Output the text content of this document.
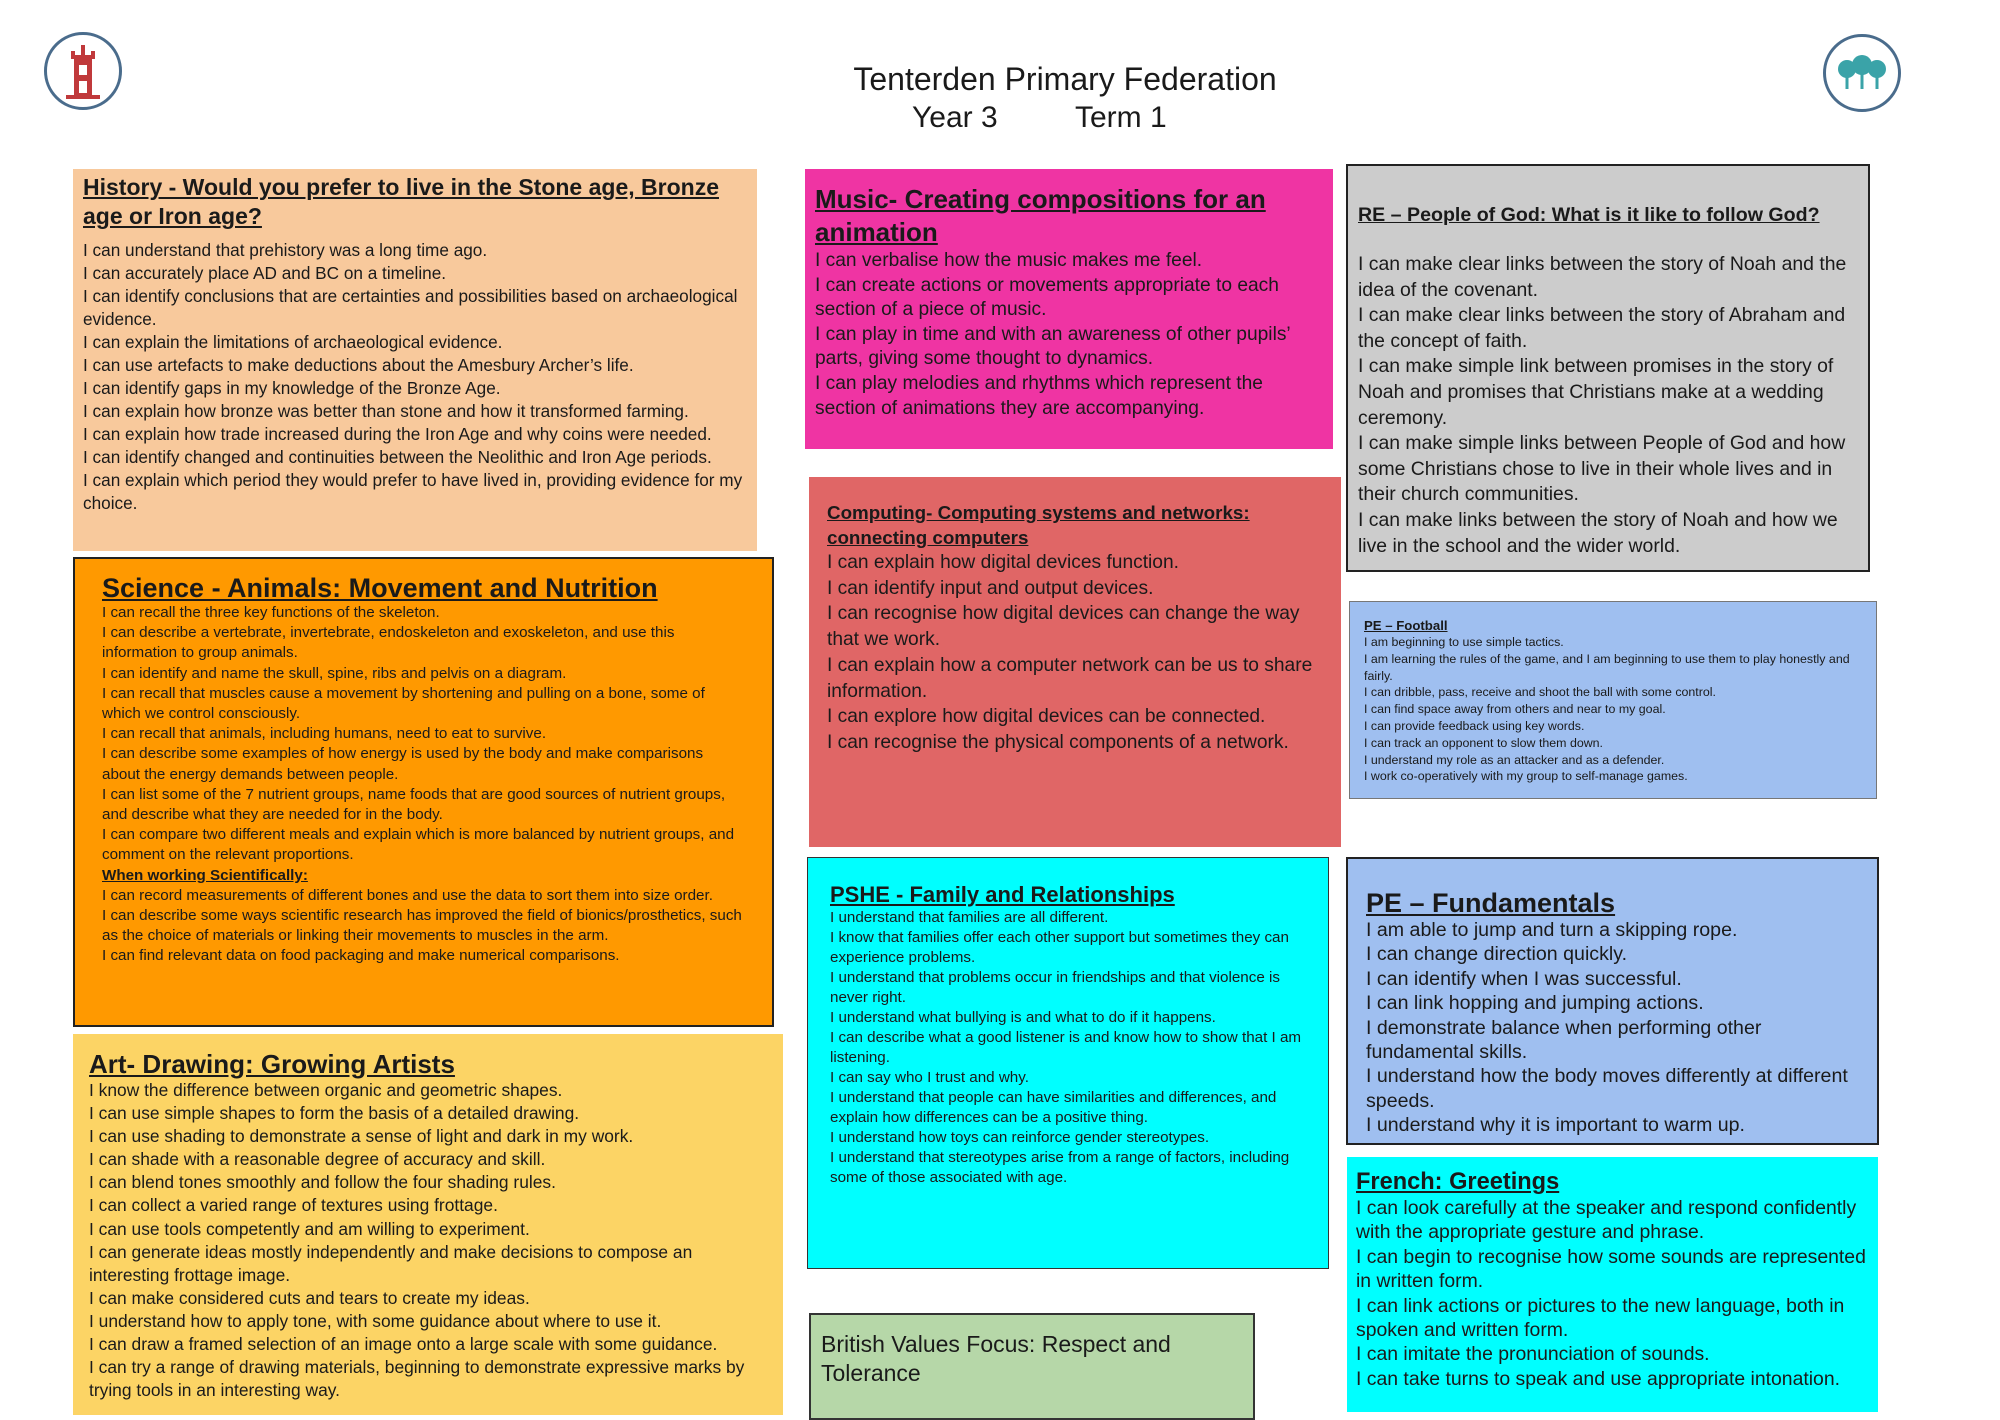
Tenterden Primary Federation
Year 3	Term 1
History - Would you prefer to live in the Stone age, Bronze age or Iron age?
I can understand that prehistory was a long time ago.
I can accurately place AD and BC on a timeline.
I can identify conclusions that are certainties and possibilities based on archaeological evidence.
I can explain the limitations of archaeological evidence.
I can use artefacts to make deductions about the Amesbury Archer’s life.
I can identify gaps in my knowledge of the Bronze Age.
I can explain how bronze was better than stone and how it transformed farming.
I can explain how trade increased during the Iron Age and why coins were needed.
I can identify changed and continuities between the Neolithic and Iron Age periods.
I can explain which period they would prefer to have lived in, providing evidence for my choice.
Science - Animals: Movement and Nutrition
I can recall the three key functions of the skeleton.
I can describe a vertebrate, invertebrate, endoskeleton and exoskeleton, and use this information to group animals.
I can identify and name the skull, spine, ribs and pelvis on a diagram.
I can recall that muscles cause a movement by shortening and pulling on a bone, some of which we control consciously.
I can recall that animals, including humans, need to eat to survive.
I can describe some examples of how energy is used by the body and make comparisons about the energy demands between people.
I can list some of the 7 nutrient groups, name foods that are good sources of nutrient groups, and describe what they are needed for in the body.
I can compare two different meals and explain which is more balanced by nutrient groups, and comment on the relevant proportions.
When working Scientifically:
I can record measurements of different bones and use the data to sort them into size order.
I can describe some ways scientific research has improved the field of bionics/prosthetics, such as the choice of materials or linking their movements to muscles in the arm.
I can find relevant data on food packaging and make numerical comparisons.
Art- Drawing: Growing Artists
I know the difference between organic and geometric shapes.
I can use simple shapes to form the basis of a detailed drawing.
I can use shading to demonstrate a sense of light and dark in my work.
I can shade with a reasonable degree of accuracy and skill.
I can blend tones smoothly and follow the four shading rules.
I can collect a varied range of textures using frottage.
I can use tools competently and am willing to experiment.
I can generate ideas mostly independently and make decisions to compose an interesting frottage image.
I can make considered cuts and tears to create my ideas.
I understand how to apply tone, with some guidance about where to use it.
I can draw a framed selection of an image onto a large scale with some guidance.
I can try a range of drawing materials, beginning to demonstrate expressive marks by trying tools in an interesting way.
Music- Creating compositions for an animation
I can verbalise how the music makes me feel.
I can create actions or movements appropriate to each section of a piece of music.
I can play in time and with an awareness of other pupils’ parts, giving some thought to dynamics.
I can play melodies and rhythms which represent the section of animations they are accompanying.
Computing- Computing systems and networks: connecting computers
I can explain how digital devices function.
I can identify input and output devices.
I can recognise how digital devices can change the way that we work.
I can explain how a computer network can be us to share information.
I can explore how digital devices can be connected.
I can recognise the physical components of a network.
PSHE - Family and Relationships
I understand that families are all different.
I know that families offer each other support but sometimes they can experience problems.
I understand that problems occur in friendships and that violence is never right.
I understand what bullying is and what to do if it happens.
I can describe what a good listener is and know how to show that I am listening.
I can say who I trust and why.
I understand that people can have similarities and differences, and explain how differences can be a positive thing.
I understand how toys can reinforce gender stereotypes.
I understand that stereotypes arise from a range of factors, including some of those associated with age.
British Values Focus: Respect and Tolerance
RE – People of God: What is it like to follow God?
I can make clear links between the story of Noah and the idea of the covenant.
I can make clear links between the story of Abraham and the concept of faith.
I can make simple link between promises in the story of Noah and promises that Christians make at a wedding ceremony.
I can make simple links between People of God and how some Christians chose to live in their whole lives and in their church communities.
I can make links between the story of Noah and how we live in the school and the wider world.
PE – Football
I am beginning to use simple tactics.
I am learning the rules of the game, and I am beginning to use them to play honestly and fairly.
I can dribble, pass, receive and shoot the ball with some control.
I can find space away from others and near to my goal.
I can provide feedback using key words.
I can track an opponent to slow them down.
I understand my role as an attacker and as a defender.
I work co-operatively with my group to self-manage games.
PE – Fundamentals
I am able to jump and turn a skipping rope.
I can change direction quickly.
I can identify when I was successful.
I can link hopping and jumping actions.
I demonstrate balance when performing other fundamental skills.
I understand how the body moves differently at different speeds.
I understand why it is important to warm up.
French: Greetings
I can look carefully at the speaker and respond confidently with the appropriate gesture and phrase.
I can begin to recognise how some sounds are represented in written form.
I can link actions or pictures to the new language, both in spoken and written form.
I can imitate the pronunciation of sounds.
I can take turns to speak and use appropriate intonation.
